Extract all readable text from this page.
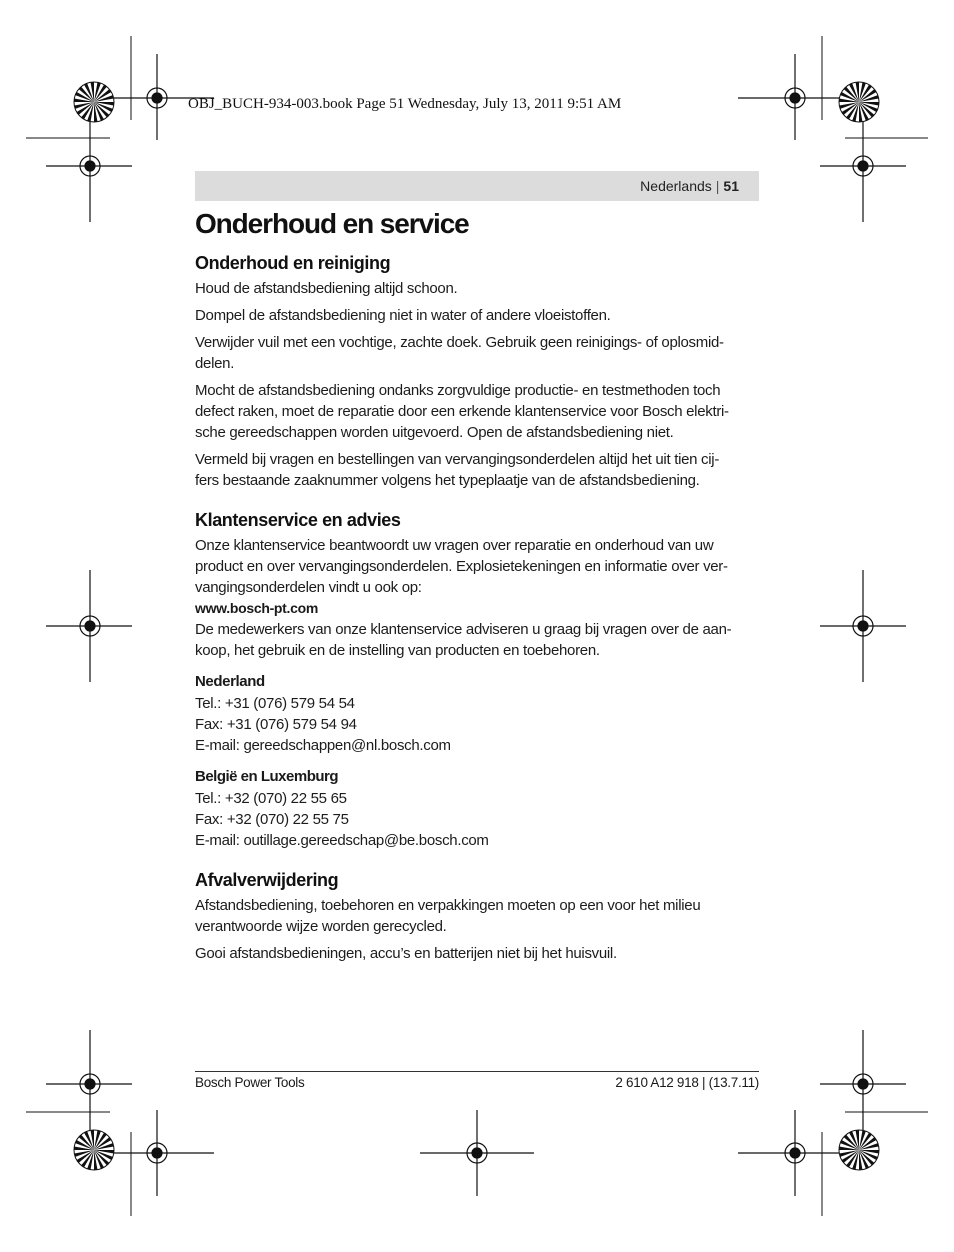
OBJ_BUCH-934-003.book Page 51 Wednesday, July 13, 2011 9:51 AM
Nederlands | 51
Onderhoud en service
Onderhoud en reiniging

Houd de afstandsbediening altijd schoon.

Dompel de afstandsbediening niet in water of andere vloeistoffen.

Verwijder vuil met een vochtige, zachte doek. Gebruik geen reinigings- of oplosmid-

delen.

Mocht de afstandsbediening ondanks zorgvuldige productie- en testmethoden toch

defect raken, moet de reparatie door een erkende klantenservice voor Bosch elektri-

sche gereedschappen worden uitgevoerd. Open de afstandsbediening niet.

Vermeld bij vragen en bestellingen van vervangingsonderdelen altijd het uit tien cij-

fers bestaande zaaknummer volgens het typeplaatje van de afstandsbediening.

Klantenservice en advies

Onze klantenservice beantwoordt uw vragen over reparatie en onderhoud van uw

product en over vervangingsonderdelen. Explosietekeningen en informatie over ver-

vangingsonderdelen vindt u ook op:

www.bosch-pt.com

De medewerkers van onze klantenservice adviseren u graag bij vragen over de aan-

koop, het gebruik en de instelling van producten en toebehoren.

Nederland

Tel.: +31 (076) 579 54 54

Fax: +31 (076) 579 54 94

E-mail: gereedschappen@nl.bosch.com

België en Luxemburg

Tel.: +32 (070) 22 55 65

Fax: +32 (070) 22 55 75

E-mail: outillage.gereedschap@be.bosch.com

Afvalverwijdering

Afstandsbediening, toebehoren en verpakkingen moeten op een voor het milieu

verantwoorde wijze worden gerecycled.

Gooi afstandsbedieningen, accu’s en batterijen niet bij het huisvuil.

Bosch Power Tools	2 610 A12 918 | (13.7.11)
